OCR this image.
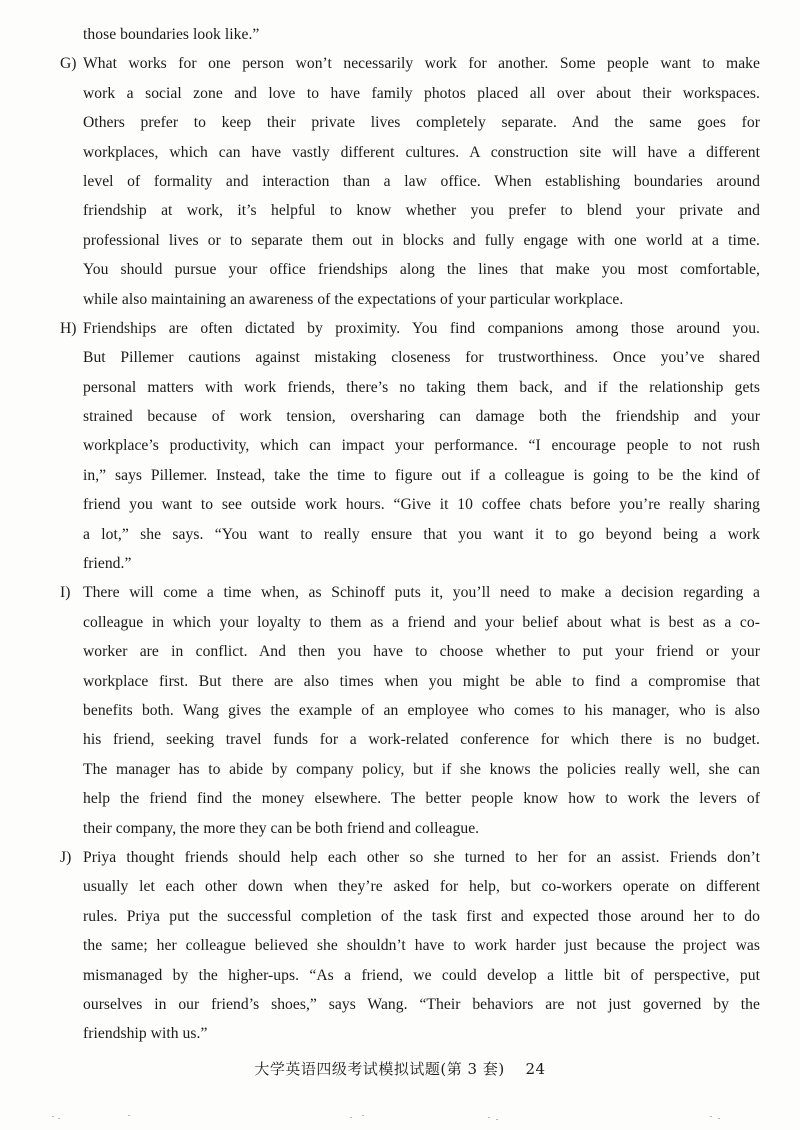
those boundaries look like.”
G) What works for one person won’t necessarily work for another. Some people want to make
work a social zone and love to have family photos placed all over about their workspaces.
Others prefer to keep their private lives completely separate. And the same goes for
workplaces, which can have vastly different cultures. A construction site will have a different
level of formality and interaction than a law office. When establishing boundaries around
friendship at work, it’s helpful to know whether you prefer to blend your private and
professional lives or to separate them out in blocks and fully engage with one world at a time.
You should pursue your office friendships along the lines that make you most comfortable,
while also maintaining an awareness of the expectations of your particular workplace.
H) Friendships are often dictated by proximity. You find companions among those around you.
But Pillemer cautions against mistaking closeness for trustworthiness. Once you’ve shared
personal matters with work friends, there’s no taking them back, and if the relationship gets
strained because of work tension, oversharing can damage both the friendship and your
workplace’s productivity, which can impact your performance. “I encourage people to not rush
in,” says Pillemer. Instead, take the time to figure out if a colleague is going to be the kind of
friend you want to see outside work hours. “Give it 10 coffee chats before you’re really sharing
a lot,” she says. “You want to really ensure that you want it to go beyond being a work
friend.”
I) There will come a time when, as Schinoff puts it, you’ll need to make a decision regarding a
colleague in which your loyalty to them as a friend and your belief about what is best as a co-
worker are in conflict. And then you have to choose whether to put your friend or your
workplace first. But there are also times when you might be able to find a compromise that
benefits both. Wang gives the example of an employee who comes to his manager, who is also
his friend, seeking travel funds for a work-related conference for which there is no budget.
The manager has to abide by company policy, but if she knows the policies really well, she can
help the friend find the money elsewhere. The better people know how to work the levers of
their company, the more they can be both friend and colleague.
J) Priya thought friends should help each other so she turned to her for an assist. Friends don’t
usually let each other down when they’re asked for help, but co-workers operate on different
rules. Priya put the successful completion of the task first and expected those around her to do
the same; her colleague believed she shouldn’t have to work harder just because the project was
mismanaged by the higher-ups. “As a friend, we could develop a little bit of perspective, put
ourselves in our friend’s shoes,” says Wang. “Their behaviors are not just governed by the
friendship with us.”
大学英语四级考试模拟试题(第 3 套)　 24
